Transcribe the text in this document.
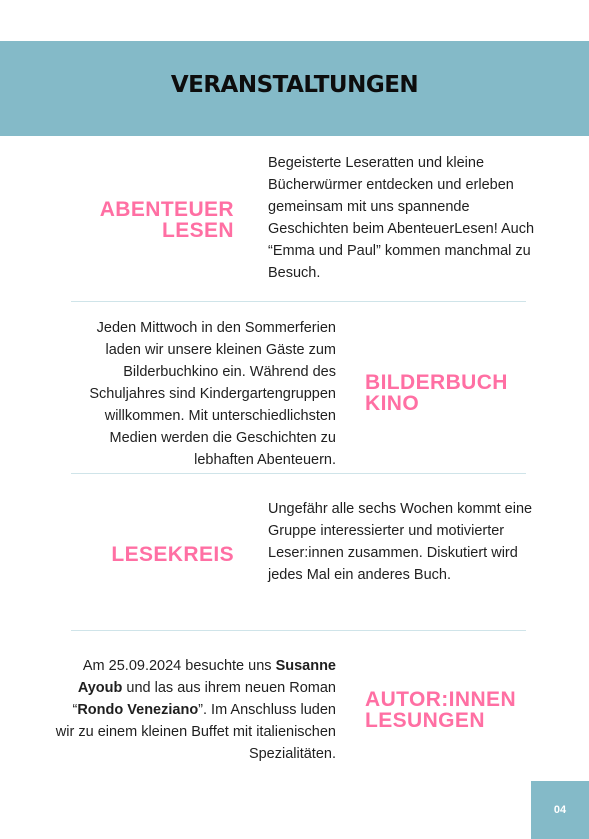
VERANSTALTUNGEN
ABENTEUER
LESEN
Begeisterte Leseratten und kleine Bücherwürmer entdecken und erleben gemeinsam mit uns spannende Geschichten beim AbenteuerLesen! Auch “Emma und Paul” kommen manchmal zu Besuch.
Jeden Mittwoch in den Sommerferien laden wir unsere kleinen Gäste zum Bilderbuchkino ein. Während des Schuljahres sind Kindergartengruppen willkommen. Mit unterschiedlichsten Medien werden die Geschichten zu lebhaften Abenteuern.
BILDERBUCH
KINO
LESEKREIS
Ungefähr alle sechs Wochen kommt eine Gruppe interessierter und motivierter Leser:innen zusammen. Diskutiert wird jedes Mal ein anderes Buch.
Am 25.09.2024 besuchte uns Susanne Ayoub und las aus ihrem neuen Roman “Rondo Veneziano”. Im Anschluss luden wir zu einem kleinen Buffet mit italienischen Spezialitäten.
AUTOR:INNEN
LESUNGEN
04
